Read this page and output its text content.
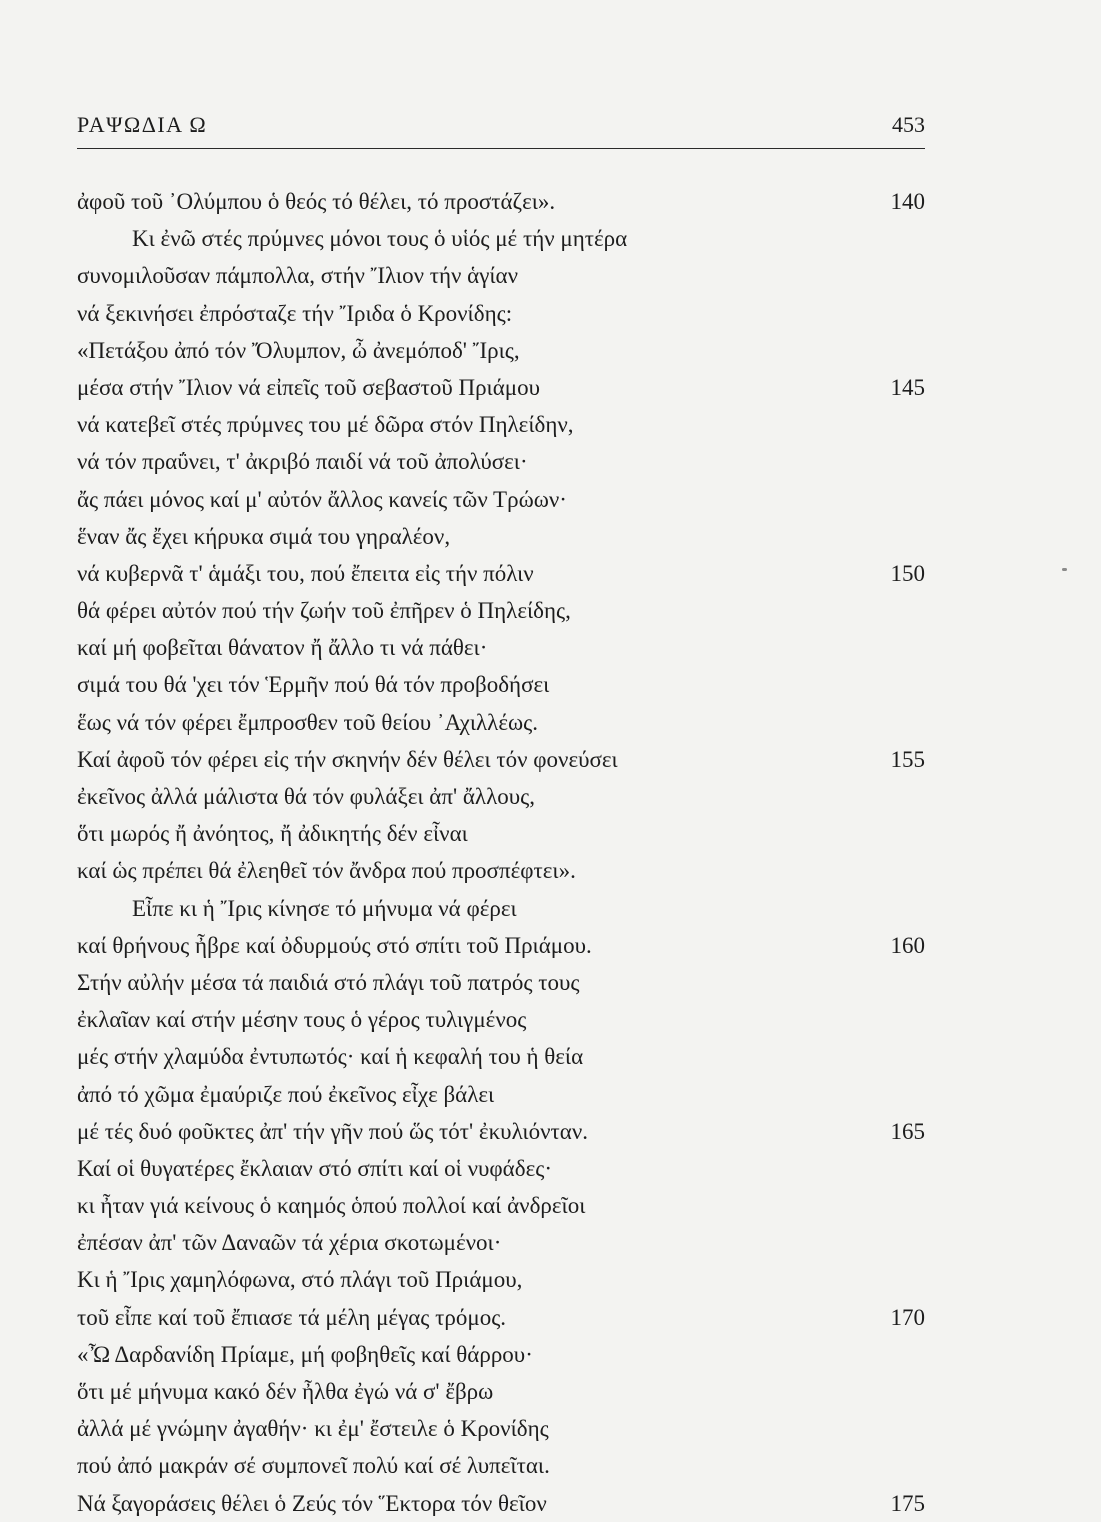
ΡΑΨΩΔΙΑ Ω	453
ἀφοῦ τοῦ ᾿Ολύμπου ὁ θεός τό θέλει, τό προστάζει».	140
Κι ἐνῶ στές πρύμνες μόνοι τους ὁ υἱός μέ τήν μητέρα
συνομιλοῦσαν πάμπολλα, στήν Ἴλιον τήν ἁγίαν
νά ξεκινήσει ἐπρόσταζε τήν Ἴριδα ὁ Κρονίδης:
«Πετάξου ἀπό τόν Ὄλυμπον, ὦ ἀνεμόποδ' Ἴρις,
μέσα στήν Ἴλιον νά εἰπεῖς τοῦ σεβαστοῦ Πριάμου	145
νά κατεβεῖ στές πρύμνες του μέ δῶρα στόν Πηλείδην,
νά τόν πραΰνει, τ' ἀκριβό παιδί νά τοῦ ἀπολύσει·
ἄς πάει μόνος καί μ' αὐτόν ἄλλος κανείς τῶν Τρώων·
ἕναν ἄς ἔχει κήρυκα σιμά του γηραλέον,
νά κυβερνᾶ τ' ἁμάξι του, πού ἔπειτα εἰς τήν πόλιν	150
θά φέρει αὐτόν πού τήν ζωήν τοῦ ἐπῆρεν ὁ Πηλείδης,
καί μή φοβεῖται θάνατον ἤ ἄλλο τι νά πάθει·
σιμά του θά 'χει τόν Ἑρμῆν πού θά τόν προβοδήσει
ἕως νά τόν φέρει ἔμπροσθεν τοῦ θείου ᾿Αχιλλέως.
Καί ἀφοῦ τόν φέρει εἰς τήν σκηνήν δέν θέλει τόν φονεύσει	155
ἐκεῖνος ἀλλά μάλιστα θά τόν φυλάξει ἀπ' ἄλλους,
ὅτι μωρός ἤ ἀνόητος, ἤ ἀδικητής δέν εἶναι
καί ὡς πρέπει θά ἐλεηθεῖ τόν ἄνδρα πού προσπέφτει».
Εἶπε κι ἡ Ἴρις κίνησε τό μήνυμα νά φέρει
καί θρήνους ἦβρε καί ὀδυρμούς στό σπίτι τοῦ Πριάμου.	160
Στήν αὐλήν μέσα τά παιδιά στό πλάγι τοῦ πατρός τους
ἐκλαῖαν καί στήν μέσην τους ὁ γέρος τυλιγμένος
μές στήν χλαμύδα ἐντυπωτός· καί ἡ κεφαλή του ἡ θεία
ἀπό τό χῶμα ἐμαύριζε πού ἐκεῖνος εἶχε βάλει
μέ τές δυό φοῦκτες ἀπ' τήν γῆν πού ὥς τότ' ἐκυλιόνταν.	165
Καί οἱ θυγατέρες ἔκλαιαν στό σπίτι καί οἱ νυφάδες·
κι ἦταν γιά κείνους ὁ καημός ὁπού πολλοί καί ἀνδρεῖοι
ἐπέσαν ἀπ' τῶν Δαναῶν τά χέρια σκοτωμένοι·
Κι ἡ Ἴρις χαμηλόφωνα, στό πλάγι τοῦ Πριάμου,
τοῦ εἶπε καί τοῦ ἔπιασε τά μέλη μέγας τρόμος.	170
«Ὦ Δαρδανίδη Πρίαμε, μή φοβηθεῖς καί θάρρου·
ὅτι μέ μήνυμα κακό δέν ἦλθα ἐγώ νά σ' ἔβρω
ἀλλά μέ γνώμην ἀγαθήν· κι ἐμ' ἔστειλε ὁ Κρονίδης
πού ἀπό μακράν σέ συμπονεῖ πολύ καί σέ λυπεῖται.
Νά ξαγοράσεις θέλει ὁ Ζεύς τόν Ἕκτορα τόν θεῖον	175
